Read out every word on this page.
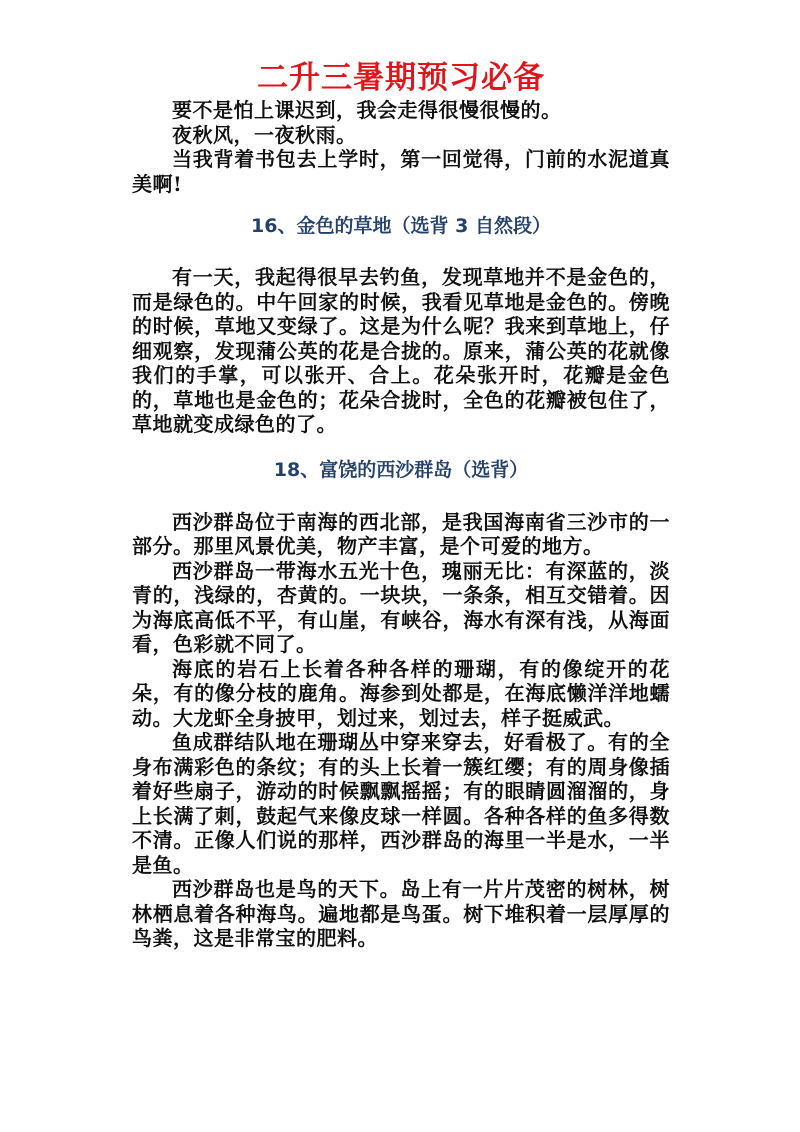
二升三暑期预习必备

要不是怕上课迟到，我会走得很慢很慢的。

夜秋风，一夜秋雨。

当我背着书包去上学时，第一回觉得，门前的水泥道真美啊!

16、金色的草地（选背 3 自然段）

有一天，我起得很早去钓鱼，发现草地并不是金色的，而是绿色的。中午回家的时候，我看见草地是金色的。傍晚的时候，草地又变绿了。这是为什么呢？我来到草地上，仔细观察，发现蒲公英的花是合拢的。原来，蒲公英的花就像我们的手掌，可以张开、合上。花朵张开时，花瓣是金色的，草地也是金色的；花朵合拢时，全色的花瓣被包住了，草地就变成绿色的了。

18、富饶的西沙群岛（选背）

西沙群岛位于南海的西北部，是我国海南省三沙市的一部分。那里风景优美，物产丰富，是个可爱的地方。

西沙群岛一带海水五光十色，瑰丽无比：有深蓝的，淡青的，浅绿的，杏黄的。一块块，一条条，相互交错着。因为海底高低不平，有山崖，有峡谷，海水有深有浅，从海面看，色彩就不同了。

海底的岩石上长着各种各样的珊瑚，有的像绽开的花朵，有的像分枝的鹿角。海参到处都是，在海底懒洋洋地蠕动。大龙虾全身披甲，划过来，划过去，样子挺威武。

鱼成群结队地在珊瑚丛中穿来穿去，好看极了。有的全身布满彩色的条纹；有的头上长着一簇红缨；有的周身像插着好些扇子，游动的时候飘飘摇摇；有的眼睛圆溜溜的，身上长满了刺，鼓起气来像皮球一样圆。各种各样的鱼多得数不清。正像人们说的那样，西沙群岛的海里一半是水，一半是鱼。

西沙群岛也是鸟的天下。岛上有一片片茂密的树林，树林栖息着各种海鸟。遍地都是鸟蛋。树下堆积着一层厚厚的鸟粪，这是非常宝的肥料。
